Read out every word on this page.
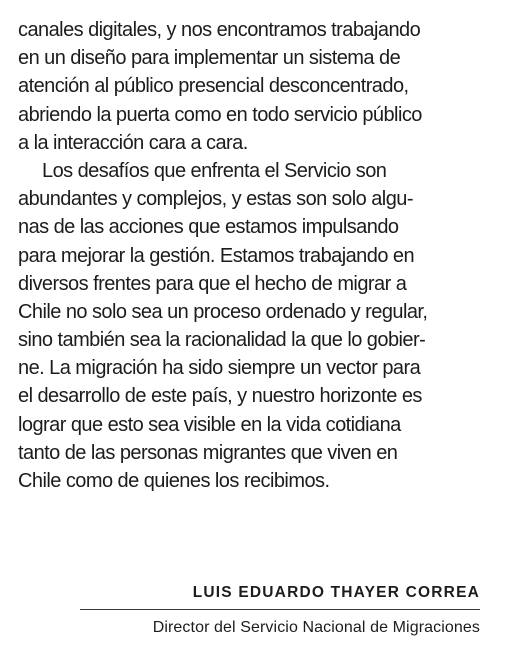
canales digitales, y nos encontramos trabajando
en un diseño para implementar un sistema de
atención al público presencial desconcentrado,
abriendo la puerta como en todo servicio público
a la interacción cara a cara.
Los desafíos que enfrenta el Servicio son
abundantes y complejos, y estas son solo algu-
nas de las acciones que estamos impulsando
para mejorar la gestión. Estamos trabajando en
diversos frentes para que el hecho de migrar a
Chile no solo sea un proceso ordenado y regular,
sino también sea la racionalidad la que lo gobier-
ne. La migración ha sido siempre un vector para
el desarrollo de este país, y nuestro horizonte es
lograr que esto sea visible en la vida cotidiana
tanto de las personas migrantes que viven en
Chile como de quienes los recibimos.
LUIS EDUARDO THAYER CORREA
Director del Servicio Nacional de Migraciones
